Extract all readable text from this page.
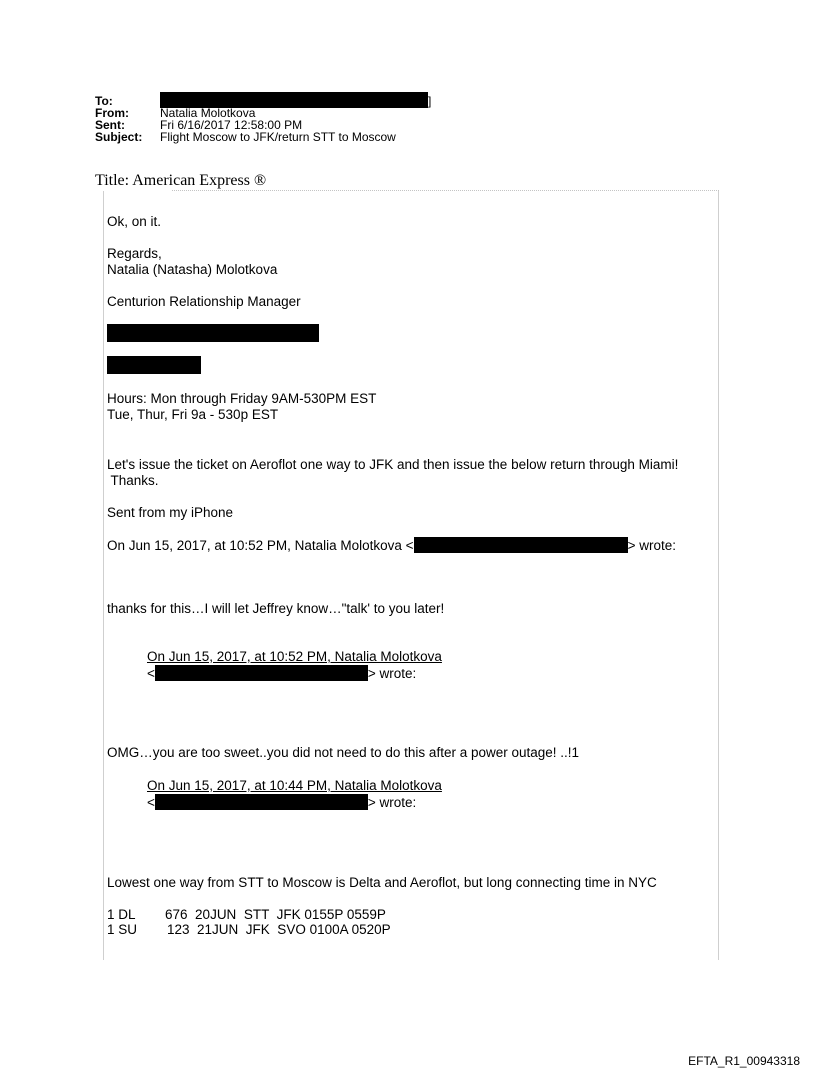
To:	]
From:	Natalia Molotkova
Sent:	Fri 6/16/2017 12:58:00 PM
Subject:	Flight Moscow to JFK/return STT to Moscow
Title: American Express ®
Ok, on it.
Regards,
Natalia (Natasha) Molotkova
Centurion Relationship Manager
Hours: Mon through Friday 9AM-530PM EST
Tue, Thur, Fri 9a - 530p EST
Let's issue the ticket on Aeroflot one way to JFK and then issue the below return through Miami!
Thanks.
Sent from my iPhone
On Jun 15, 2017, at 10:52 PM, Natalia Molotkova <	> wrote:
thanks for this…I will let Jeffrey know…"talk' to you later!
On Jun 15, 2017, at 10:52 PM, Natalia Molotkova
<	> wrote:
OMG…you are too sweet..you did not need to do this after a power outage! ..!1
On Jun 15, 2017, at 10:44 PM, Natalia Molotkova
<	> wrote:
Lowest one way from STT to Moscow is Delta and Aeroflot, but long connecting time in NYC
1 DL        676  20JUN  STT  JFK 0155P 0559P
1 SU        123  21JUN  JFK  SVO 0100A 0520P
EFTA_R1_00943318
